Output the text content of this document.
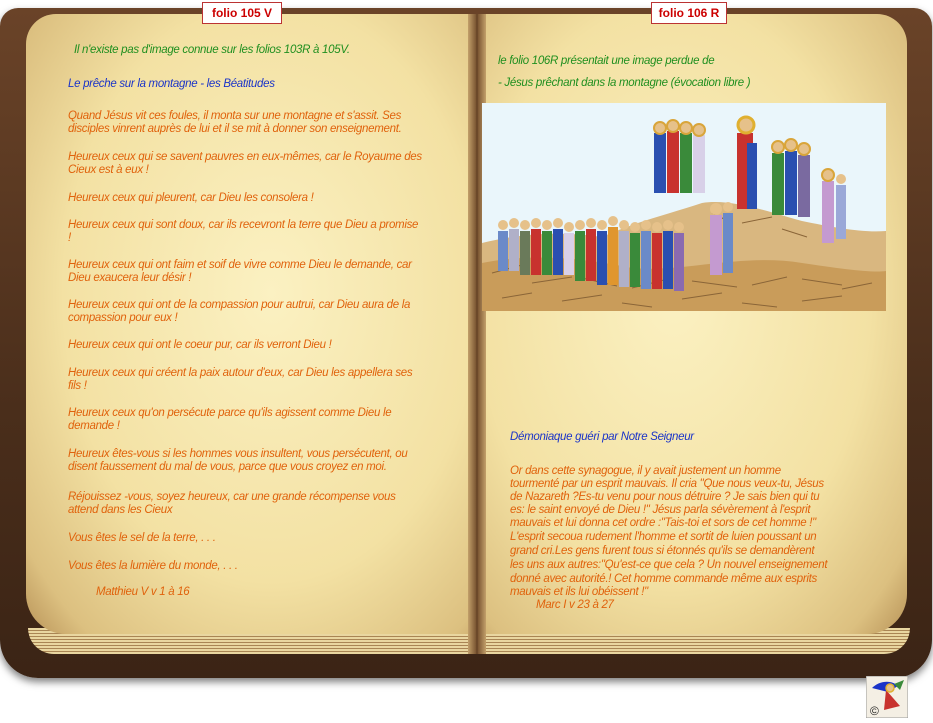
folio 105 V	folio 106 R
Il n'existe pas d'image connue sur les folios 103R à 105V.
Le prêche sur la montagne - les Béatitudes
Quand Jésus vit ces foules, il monta sur une montagne et s'assit. Ses
disciples vinrent auprès de lui et il se mit à donner son enseignement.
Heureux ceux qui se savent pauvres en eux-mêmes, car le Royaume des
Cieux est à eux !
Heureux ceux qui pleurent, car Dieu les consolera !
Heureux ceux qui sont doux, car ils recevront la terre que Dieu a promise
!
Heureux ceux qui ont faim et soif de vivre comme Dieu le demande, car
Dieu exaucera leur désir !
Heureux ceux qui ont de la compassion pour autrui, car Dieu aura de la
compassion pour eux !
Heureux ceux qui ont le coeur pur, car ils verront Dieu !
Heureux ceux qui créent la paix autour d'eux, car Dieu les appellera ses
fils !
Heureux ceux qu'on persécute parce qu'ils agissent comme Dieu le
demande !
Heureux êtes-vous si les hommes vous insultent, vous persécutent, ou
disent faussement du mal de vous, parce que vous croyez en moi.
Réjouissez -vous, soyez heureux, car une grande récompense vous
attend dans les Cieux
Vous êtes le sel de la terre, . . .
Vous êtes la lumière du monde, . . .
Matthieu V v 1 à 16
le folio 106R présentait une image perdue de
- Jésus prêchant dans la montagne (évocation libre )
Démoniaque guéri par Notre Seigneur
Or dans cette synagogue, il y avait justement un homme
tourmenté par un esprit mauvais. Il cria "Que nous veux-tu, Jésus
de Nazareth ?Es-tu venu pour nous détruire ? Je sais bien qui tu
es: le saint envoyé de Dieu !" Jésus parla sévèrement à l'esprit
mauvais et lui donna cet ordre :"Tais-toi et sors de cet homme !"
L'esprit secoua rudement l'homme et sortit de luien poussant un
grand cri.Les gens furent tous si étonnés qu'ils se demandèrent
les uns aux autres:"Qu'est-ce que cela ? Un nouvel enseignement
donné avec autorité.! Cet homme commande même aux esprits
mauvais et ils lui obéissent !"
Marc I v 23 à 27
©
